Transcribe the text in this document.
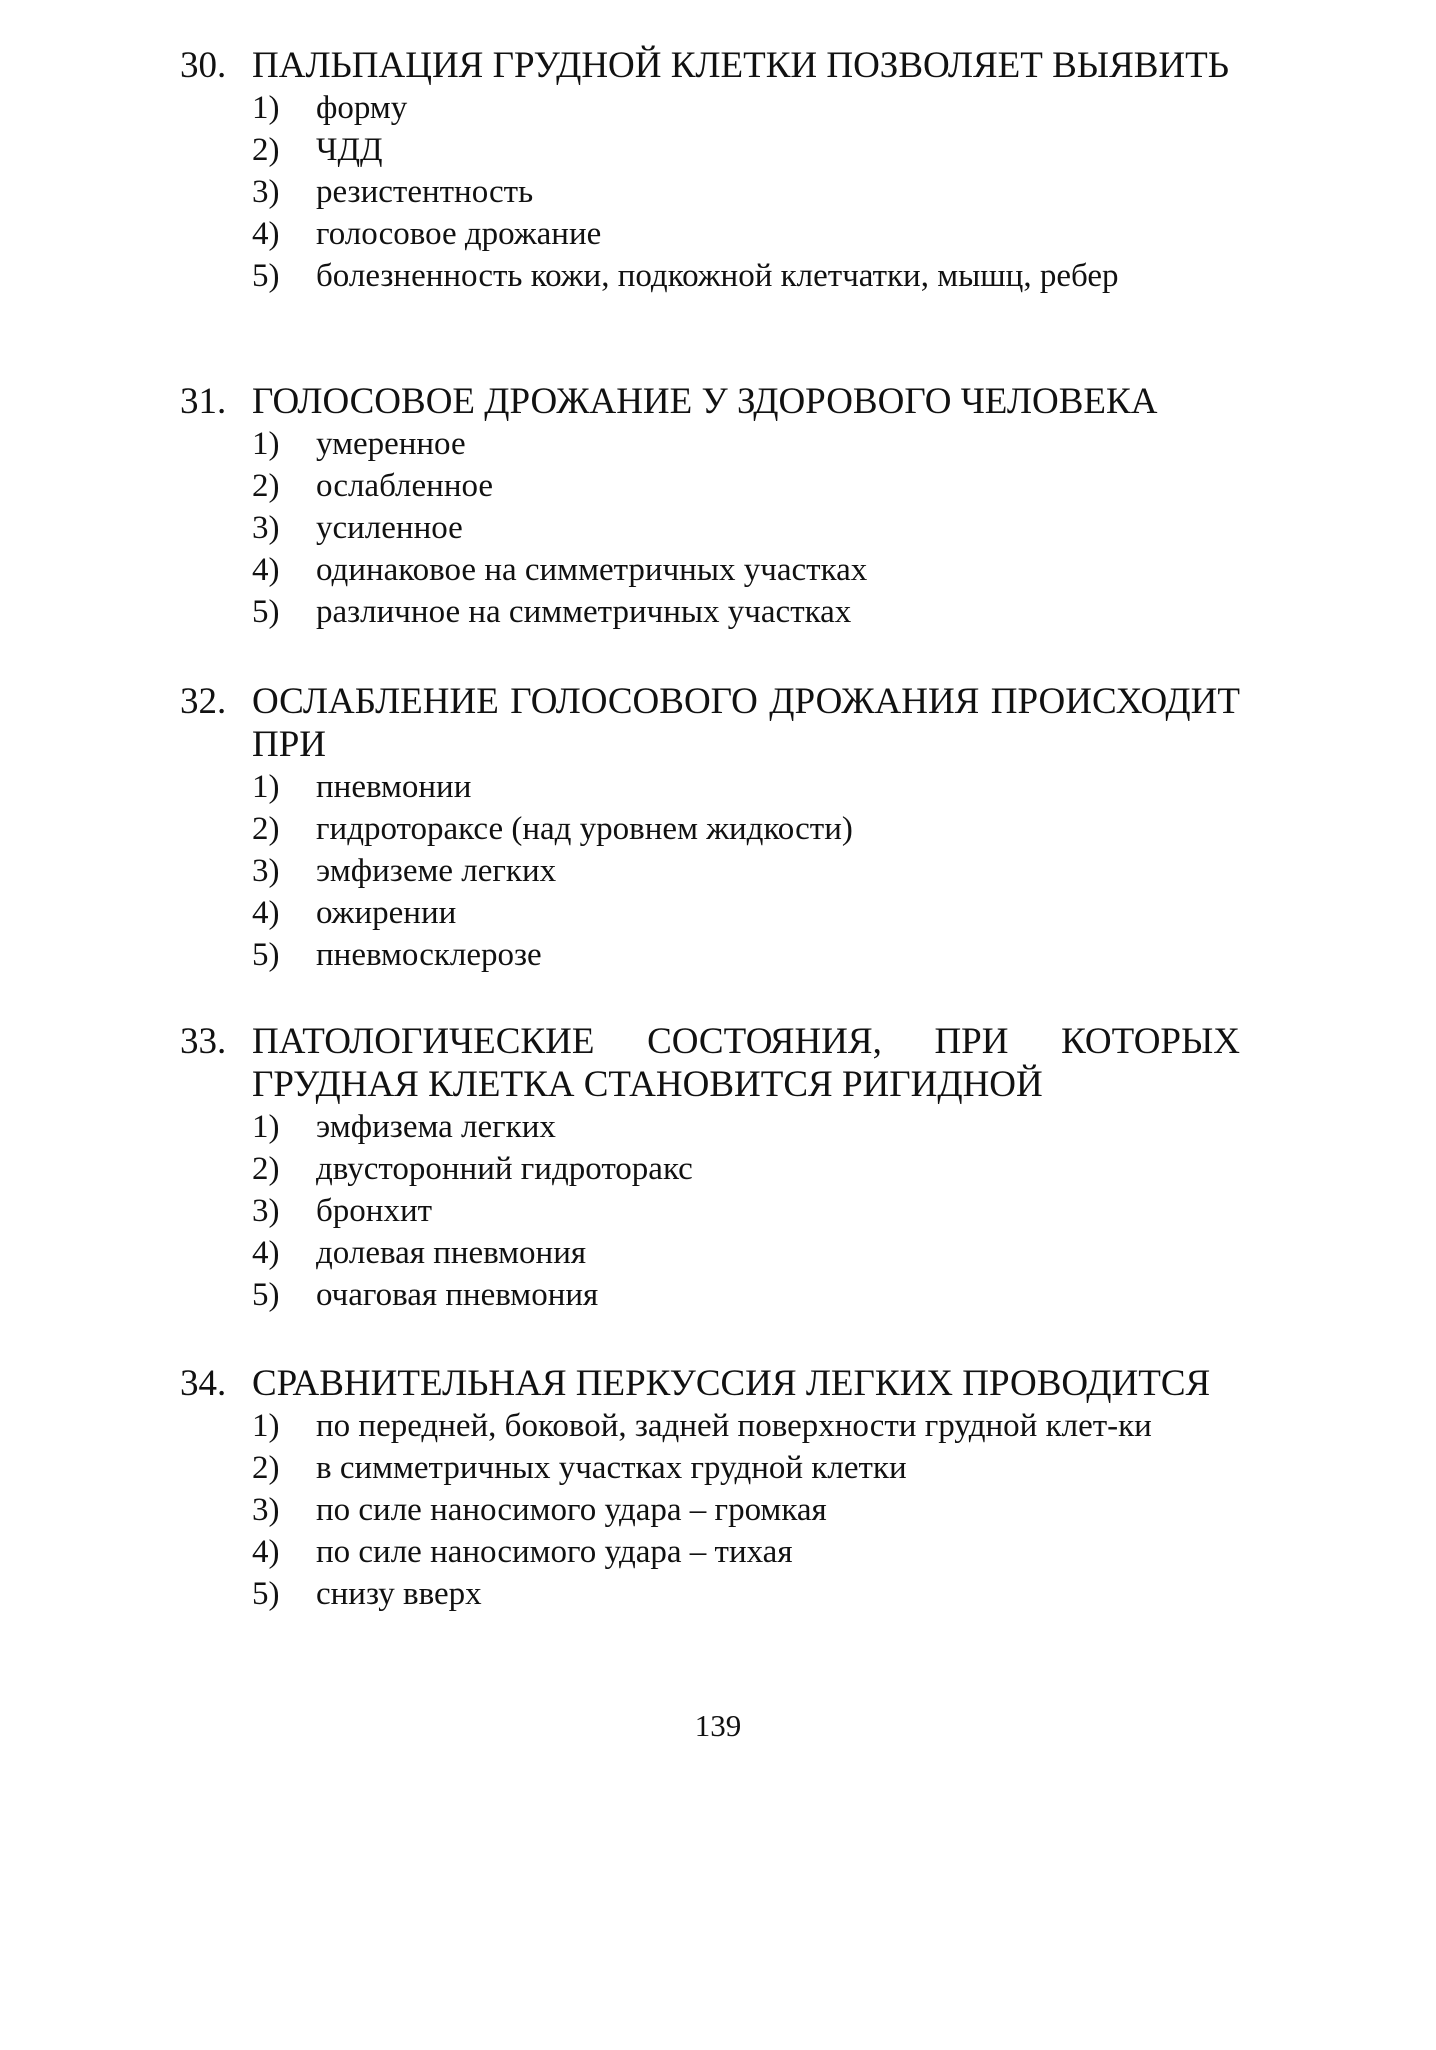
30. ПАЛЬПАЦИЯ ГРУДНОЙ КЛЕТКИ ПОЗВОЛЯЕТ ВЫЯВИТЬ
1)	форму
2)	ЧДД
3)	резистентность
4)	голосовое дрожание
5)	болезненность кожи, подкожной клетчатки, мышц, ребер
31. ГОЛОСОВОЕ ДРОЖАНИЕ У ЗДОРОВОГО ЧЕЛОВЕКА
1)	умеренное
2)	ослабленное
3)	усиленное
4)	одинаковое на симметричных участках
5)	различное на симметричных участках
32. ОСЛАБЛЕНИЕ ГОЛОСОВОГО ДРОЖАНИЯ ПРОИСХОДИТ ПРИ
1)	пневмонии
2)	гидротораксе (над уровнем жидкости)
3)	эмфиземе легких
4)	ожирении
5)	пневмосклерозе
33. ПАТОЛОГИЧЕСКИЕ СОСТОЯНИЯ, ПРИ КОТОРЫХ ГРУДНАЯ КЛЕТКА СТАНОВИТСЯ РИГИДНОЙ
1)	эмфизема легких
2)	двусторонний гидроторакс
3)	бронхит
4)	долевая пневмония
5)	очаговая пневмония
34. СРАВНИТЕЛЬНАЯ ПЕРКУССИЯ ЛЕГКИХ ПРОВОДИТСЯ
1)	по передней, боковой, задней поверхности грудной клет-ки
2)	в симметричных участках грудной клетки
3)	по силе наносимого удара – громкая
4)	по силе наносимого удара – тихая
5)	снизу вверх
139
